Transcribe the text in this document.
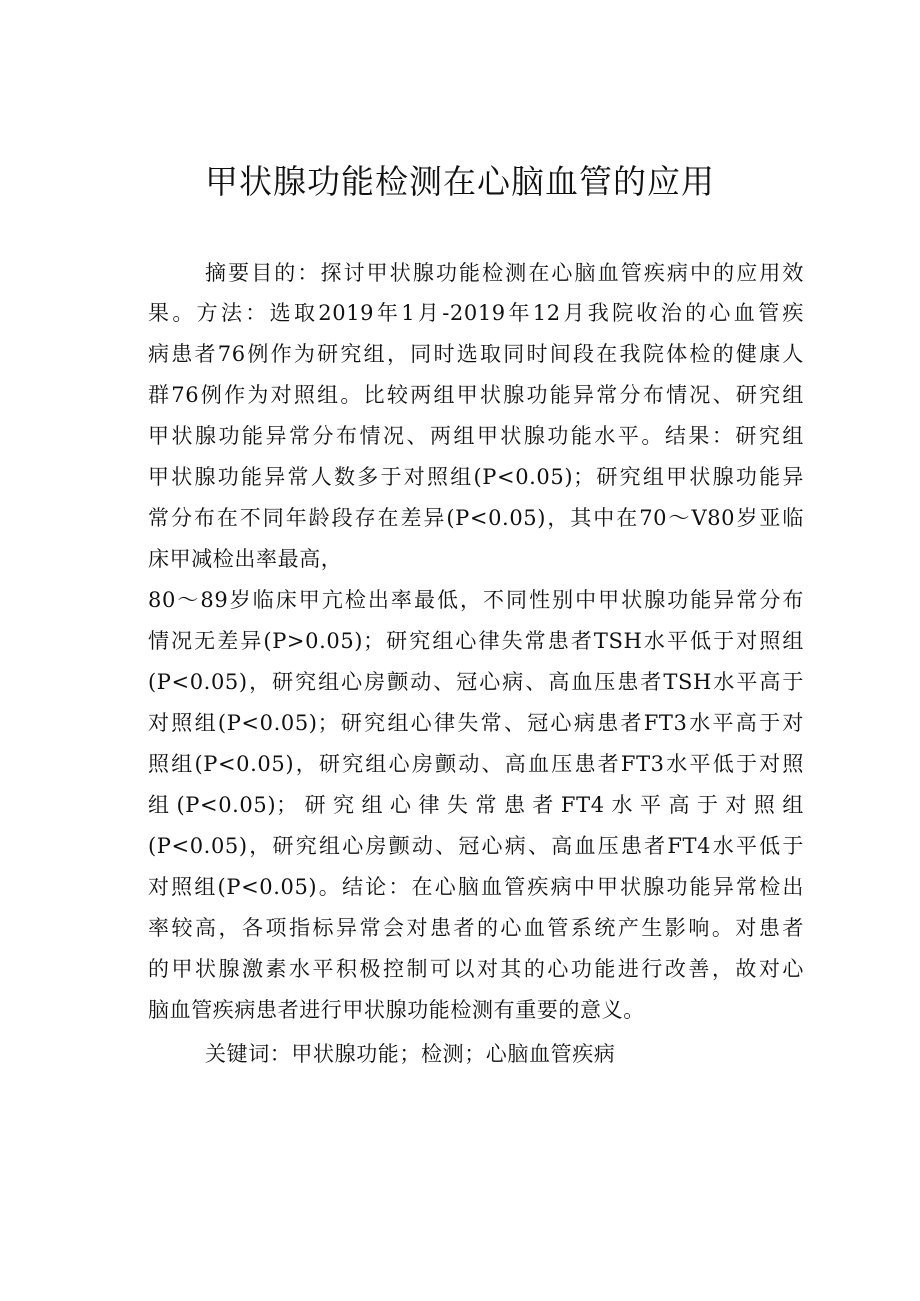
甲状腺功能检测在心脑血管的应用
摘要目的：探讨甲状腺功能检测在心脑血管疾病中的应用效
果。方法：选取2019年1月-2019年12月我院收治的心血管疾
病患者76例作为研究组，同时选取同时间段在我院体检的健康人
群76例作为对照组。比较两组甲状腺功能异常分布情况、研究组
甲状腺功能异常分布情况、两组甲状腺功能水平。结果：研究组
甲状腺功能异常人数多于对照组(P<0.05)；研究组甲状腺功能异
常分布在不同年龄段存在差异(P<0.05)，其中在70～V80岁亚临
床甲减检出率最高，
80～89岁临床甲亢检出率最低，不同性别中甲状腺功能异常分布
情况无差异(P>0.05)；研究组心律失常患者TSH水平低于对照组
(P<0.05)，研究组心房颤动、冠心病、高血压患者TSH水平高于
对照组(P<0.05)；研究组心律失常、冠心病患者FT3水平高于对
照组(P<0.05)，研究组心房颤动、高血压患者FT3水平低于对照
组(P<0.05)；研究组心律失常患者FT4水平高于对照组
(P<0.05)，研究组心房颤动、冠心病、高血压患者FT4水平低于
对照组(P<0.05)。结论：在心脑血管疾病中甲状腺功能异常检出
率较高，各项指标异常会对患者的心血管系统产生影响。对患者
的甲状腺激素水平积极控制可以对其的心功能进行改善，故对心
脑血管疾病患者进行甲状腺功能检测有重要的意义。
关键词：甲状腺功能；检测；心脑血管疾病
